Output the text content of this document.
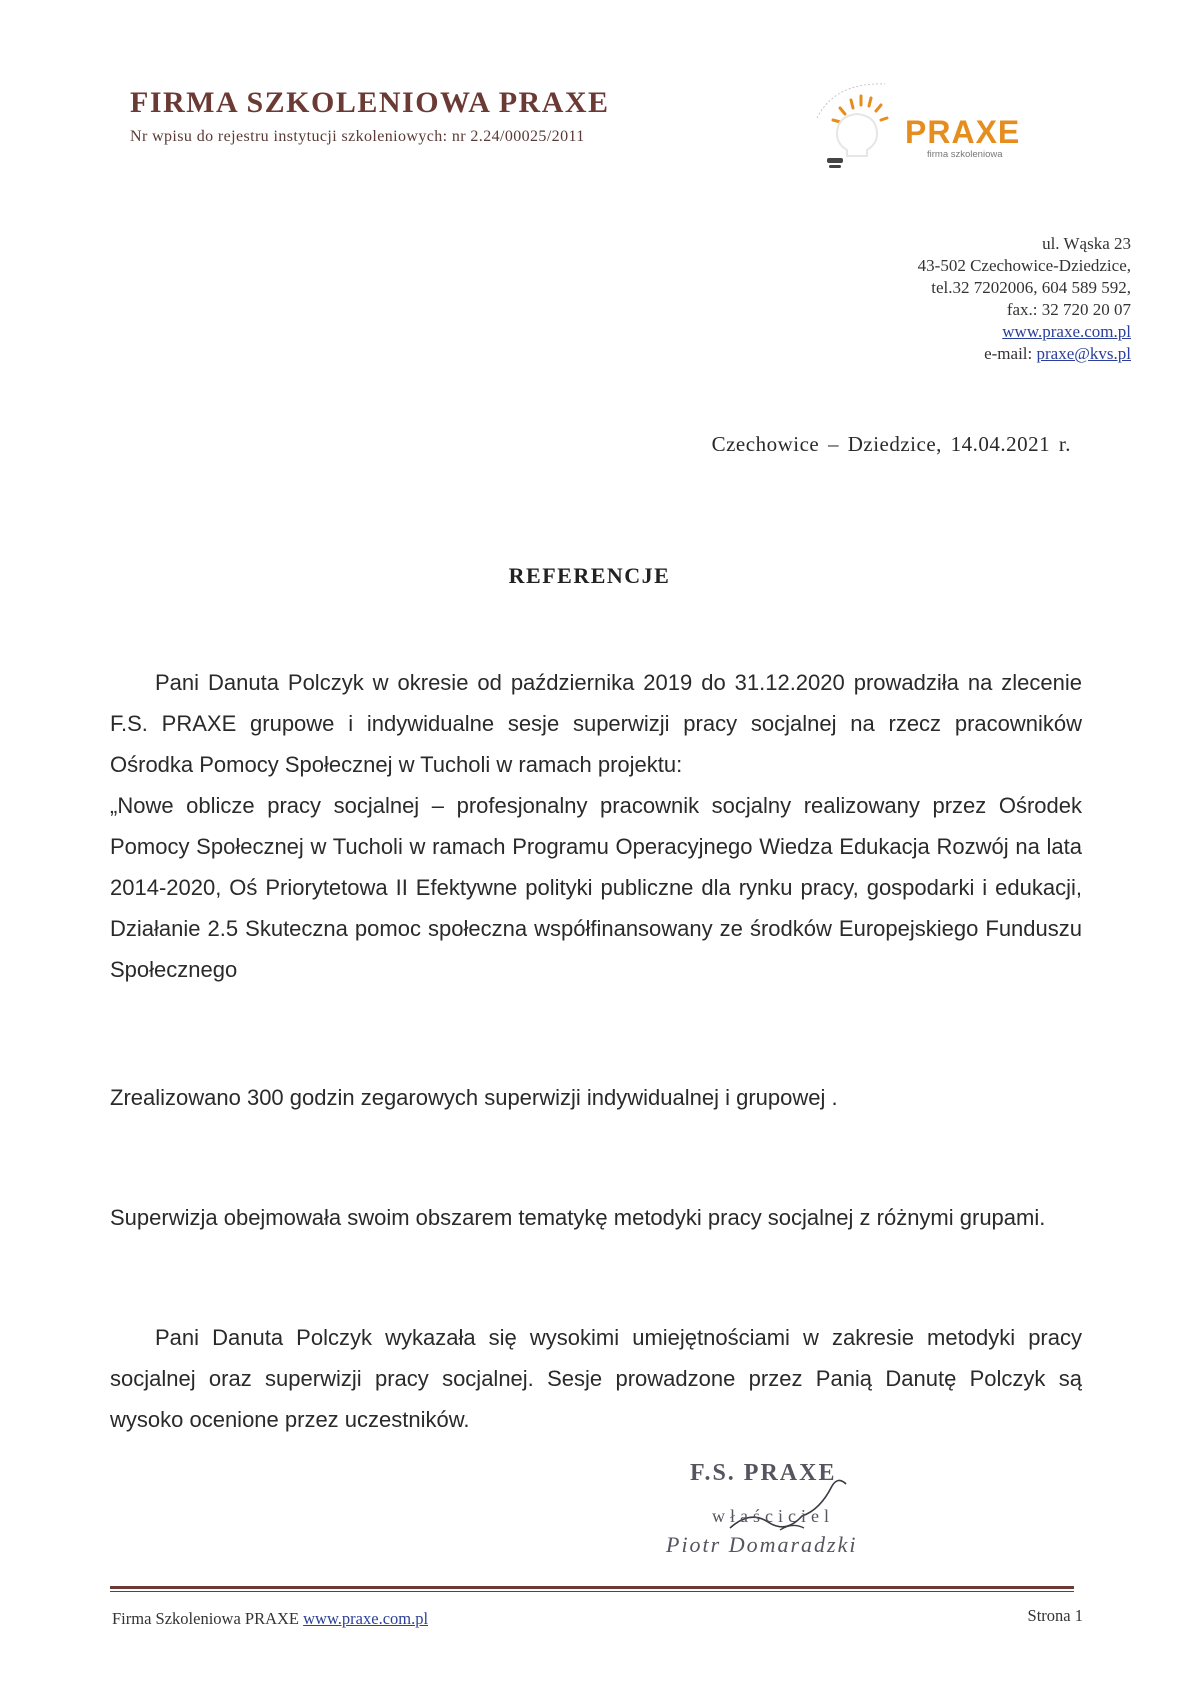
FIRMA SZKOLENIOWA PRAXE
Nr wpisu do rejestru instytucji szkoleniowych: nr 2.24/00025/2011	PRAXE
firma szkoleniowa
ul. Wąska 23
43-502 Czechowice-Dziedzice,
tel.32 7202006, 604 589 592,
fax.: 32 720 20 07
www.praxe.com.pl
e-mail: praxe@kvs.pl
Czechowice – Dziedzice, 14.04.2021 r.
REFERENCJE
Pani Danuta Polczyk w okresie od października 2019 do 31.12.2020 prowadziła na zlecenie F.S. PRAXE grupowe i indywidualne sesje superwizji pracy socjalnej na rzecz pracowników Ośrodka Pomocy Społecznej w Tucholi w ramach projektu:
„Nowe oblicze pracy socjalnej – profesjonalny pracownik socjalny realizowany przez Ośrodek Pomocy Społecznej w Tucholi w ramach Programu Operacyjnego Wiedza Edukacja Rozwój na lata 2014-2020, Oś Priorytetowa II Efektywne polityki publiczne dla rynku pracy, gospodarki i edukacji, Działanie 2.5 Skuteczna pomoc społeczna współfinansowany ze środków Europejskiego Funduszu Społecznego
Zrealizowano 300 godzin zegarowych superwizji indywidualnej i grupowej .
Superwizja obejmowała swoim obszarem tematykę metodyki pracy socjalnej z różnymi grupami.
Pani Danuta Polczyk wykazała się wysokimi umiejętnościami w zakresie metodyki pracy socjalnej oraz superwizji pracy socjalnej. Sesje prowadzone przez Panią Danutę Polczyk są wysoko ocenione przez uczestników.
F.S. PRAXE
właściciel
Piotr Domaradzki
Firma Szkoleniowa PRAXE www.praxe.com.pl	Strona 1
